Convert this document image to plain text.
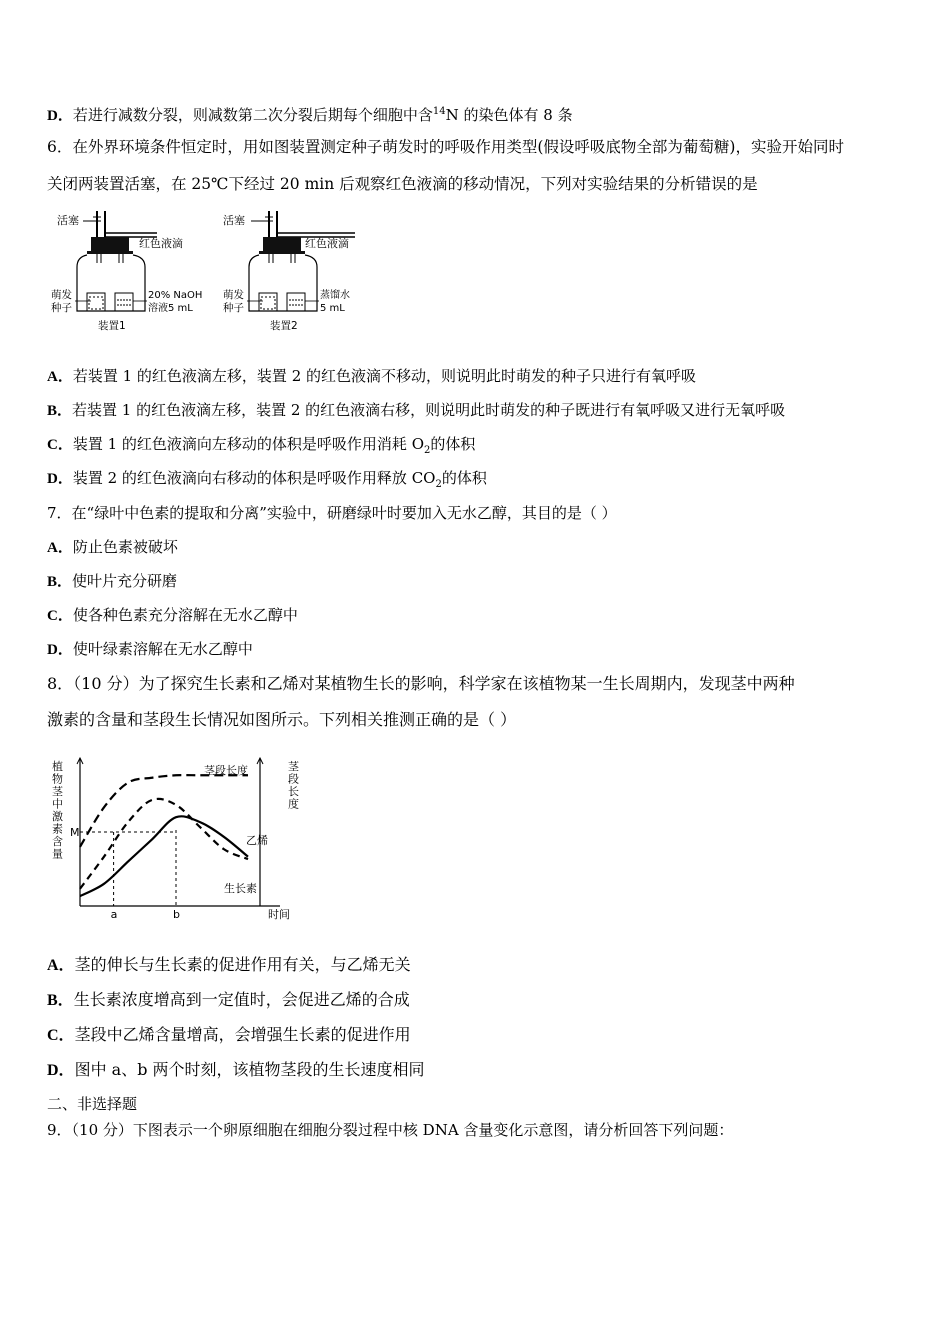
D．若进行减数分裂，则减数第二次分裂后期每个细胞中含$^{14}$N 的染色体有 8 条
6．在外界环境条件恒定时，用如图装置测定种子萌发时的呼吸作用类型(假设呼吸底物全部为葡萄糖)，实验开始同时
关闭两装置活塞，在 25℃下经过 20 min 后观察红色液滴的移动情况，下列对实验结果的分析错误的是
活塞
红色液滴
20% NaOH
溶液5 mL
装置1
萌发
种子
活塞
红色液滴
蒸馏水
5 mL
装置2
萌发
种子
A．若装置 1 的红色液滴左移，装置 2 的红色液滴不移动，则说明此时萌发的种子只进行有氧呼吸
B．若装置 1 的红色液滴左移，装置 2 的红色液滴右移，则说明此时萌发的种子既进行有氧呼吸又进行无氧呼吸
C．装置 1 的红色液滴向左移动的体积是呼吸作用消耗 $O_2$的体积
D．装置 2 的红色液滴向右移动的体积是呼吸作用释放 $CO_2$的体积
7．在“绿叶中色素的提取和分离”实验中，研磨绿叶时要加入无水乙醇，其目的是（ ）
A．防止色素被破坏
B．使叶片充分研磨
C．使各种色素充分溶解在无水乙醇中
D．使叶绿素溶解在无水乙醇中
8．（10 分）为了探究生长素和乙烯对某植物生长的影响，科学家在该植物某一生长周期内，发现茎中两种
激素的含量和茎段生长情况如图所示。下列相关推测正确的是（ ）
M
a	b	时间
植物茎中激素含量
茎段长度
茎段长度
乙烯
生长素
A．茎的伸长与生长素的促进作用有关，与乙烯无关
B．生长素浓度增高到一定值时，会促进乙烯的合成
C．茎段中乙烯含量增高，会增强生长素的促进作用
D．图中 a、b 两个时刻，该植物茎段的生长速度相同
二、非选择题
9．（10 分）下图表示一个卵原细胞在细胞分裂过程中核 DNA 含量变化示意图，请分析回答下列问题：
